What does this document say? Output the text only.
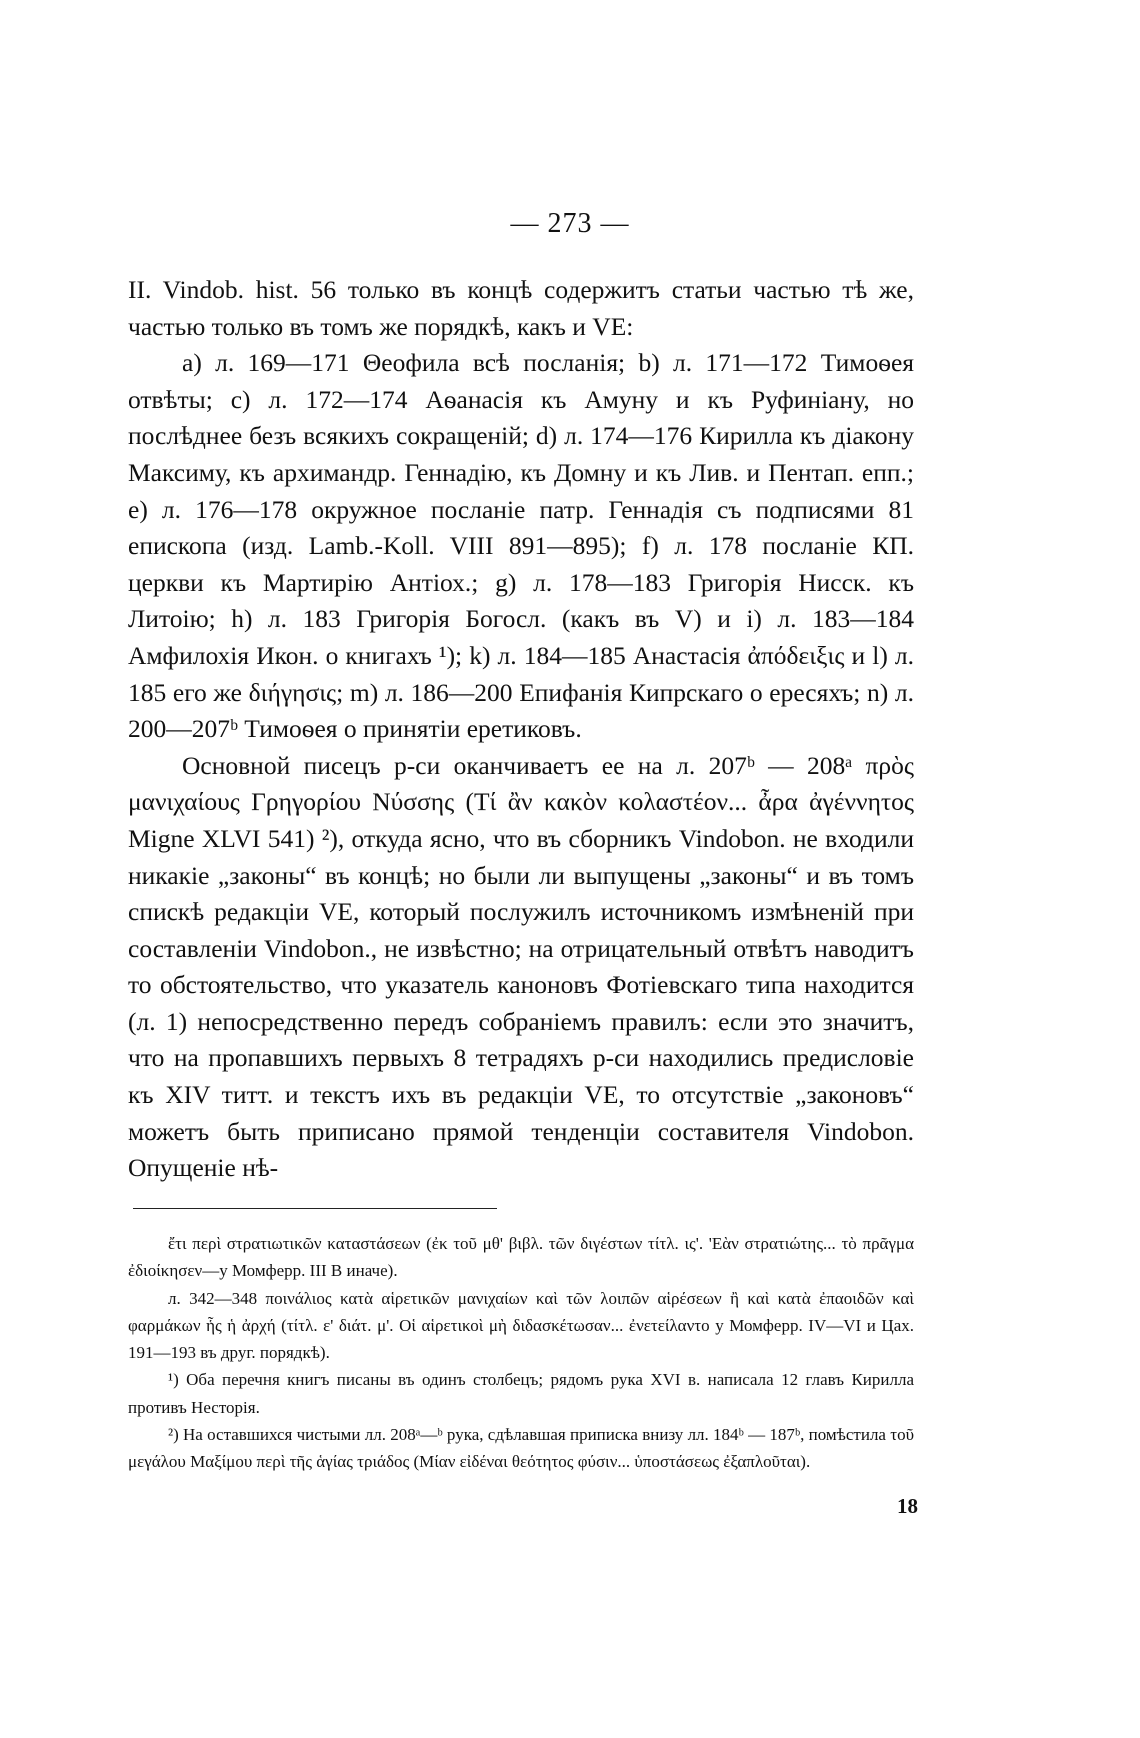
— 273 —

II. Vindob. hist. 56 только въ концѣ содержитъ статьи частью тѣ же, частью только въ томъ же порядкѣ, какъ и VE:

a) л. 169—171 Θеофила всѣ посланія; b) л. 171—172 Тимоѳея отвѣты; c) л. 172—174 Аѳанасія къ Амуну и къ Руфиніану, но послѣднее безъ всякихъ сокращеній; d) л. 174—176 Кирилла къ діакону Максиму, къ архимандр. Геннадію, къ Домну и къ Лив. и Пентап. епп.; e) л. 176—178 окружное посланіе патр. Геннадія съ подписями 81 епископа (изд. Lamb.-Koll. VIII 891—895); f) л. 178 посланіе КП. церкви къ Мартирію Антіох.; g) л. 178—183 Григорія Нисск. къ Литоію; h) л. 183 Григорія Богосл. (какъ въ V) и i) л. 183—184 Амфилохія Икон. о книгахъ ¹); k) л. 184—185 Анастасія ἀπόδειξις и l) л. 185 его же διήγησις; m) л. 186—200 Епифанія Кипрскаго о ересяхъ; n) л. 200—207ᵇ Тимоѳея о принятіи еретиковъ.

Основной писецъ р-си оканчиваетъ ее на л. 207ᵇ — 208ᵃ πρὸς μανιχαίους Γρηγορίου Νύσσης (Τί ἂν κακὸν κολαστέον... ἆρα ἀγέννητος Migne XLVI 541) ²), откуда ясно, что въ сборникъ Vindobon. не входили никакіе „законы“ въ концѣ; но были ли выпущены „законы“ и въ томъ спискѣ редакціи VE, который послужилъ источникомъ измѣненій при составленіи Vindobon., не извѣстно; на отрицательный отвѣтъ наводитъ то обстоятельство, что указатель каноновъ Фотіевскаго типа находится (л. 1) непосредственно передъ собраніемъ правилъ: если это значитъ, что на пропавшихъ первыхъ 8 тетрадяхъ р-си находились предисловіе къ XIV титт. и текстъ ихъ въ редакціи VE, то отсутствіе „законовъ“ можетъ быть приписано прямой тенденціи составителя Vindobon. Опущеніе нѣ-

ἔτι περὶ στρατιωτικῶν καταστάσεων (ἐκ τοῦ μθ' βιβλ. τῶν διγέστων τίτλ. ις'. 'Εὰν στρατιώτης... τὸ πρᾶγμα ἐδιοίκησεν—у Момферр. III В иначе).

л. 342—348 ποινάλιος κατὰ αἱρετικῶν μανιχαίων καὶ τῶν λοιπῶν αἱρέσεων ἢ καὶ κατὰ ἐπαοιδῶν καὶ φαρμάκων ἧς ἡ ἀρχή (τίτλ. ε' διάτ. μ'. Οἱ αἱρετικοὶ μὴ διδασκέτωσαν... ἐνετείλαντο у Момферр. IV—VI и Цах. 191—193 въ друг. порядкѣ).

¹) Оба перечня книгъ писаны въ одинъ столбецъ; рядомъ рука XVI в. написала 12 главъ Кирилла противъ Несторія.

²) На оставшихся чистыми лл. 208ᵃ—ᵇ рука, сдѣлавшая приписка внизу лл. 184ᵇ — 187ᵇ, помѣстила τοῦ μεγάλου Μαξίμου περὶ τῆς ἁγίας τριάδος (Μίαν εἰδέναι θεότητος φύσιν... ὑποστάσεως ἐξαπλοῦται).

18
